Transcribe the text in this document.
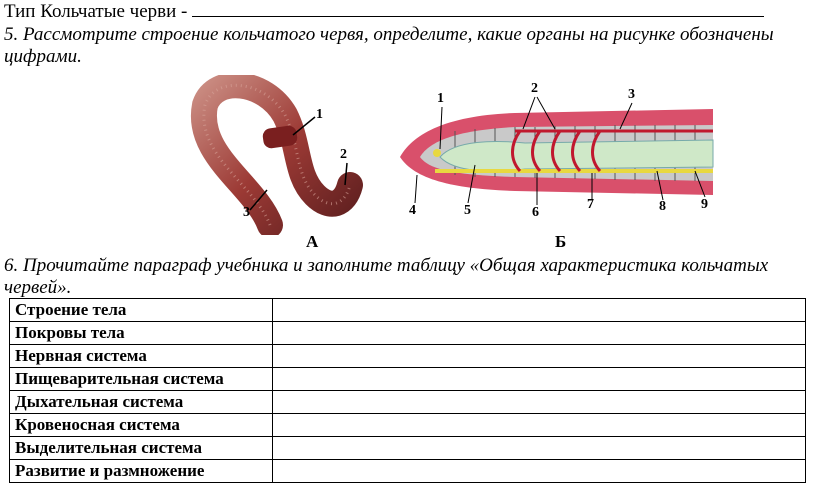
Тип Кольчатые черви -
5. Рассмотрите строение кольчатого червя, определите, какие органы на рисунке обозначены цифрами.
1
2
3
А
1
2	3
4	5	6
7	8	9
Б
6. Прочитайте параграф учебника и заполните таблицу «Общая характеристика кольчатых червей».
Строение тела	
Покровы тела	
Нервная система	
Пищеварительная система	
Дыхательная система	
Кровеносная система	
Выделительная система	
Развитие и размножение	
